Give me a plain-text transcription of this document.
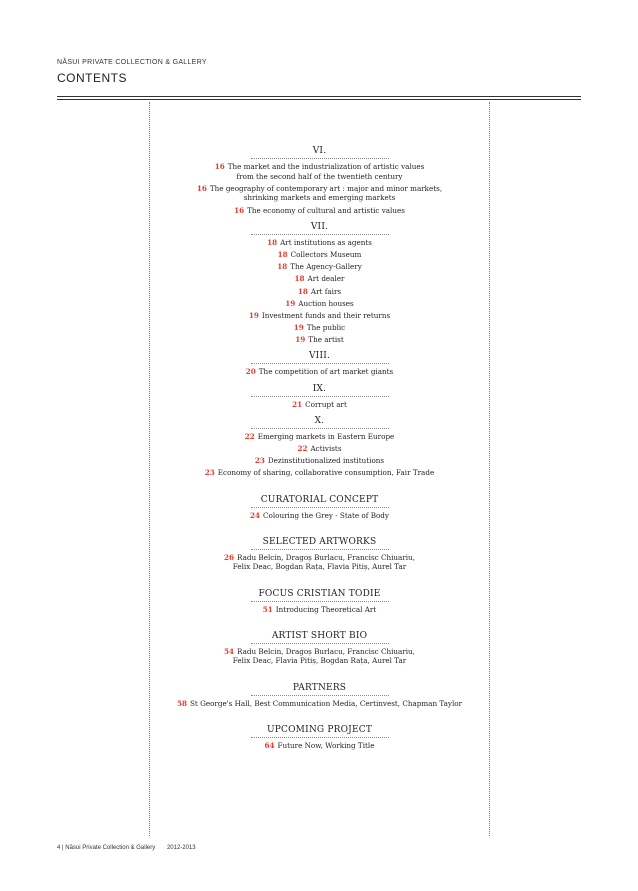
NĂSUI PRIVATE COLLECTION & GALLERY
CONTENTS
VI.
16 The market and the industrialization of artistic values
from the second half of the twentieth century
16 The geography of contemporary art : major and minor markets,
shrinking markets and emerging markets
16 The economy of cultural and artistic values
VII.
18 Art institutions as agents
18 Collectors Museum
18 The Agency-Gallery
18 Art dealer
18 Art fairs
19 Auction houses
19 Investment funds and their returns
19 The public
19 The artist
VIII.
20 The competition of art market giants
IX.
21 Corrupt art
X.
22 Emerging markets in Eastern Europe
22 Activists
23 Dezinstitutionalized institutions
23 Economy of sharing, collaborative consumption, Fair Trade
CURATORIAL CONCEPT
24 Colouring the Grey - State of Body
SELECTED ARTWORKS
26 Radu Belcin, Dragoș Burlacu, Francisc Chiuariu,
Felix Deac, Bogdan Rața, Flavia Pitiș, Aurel Tar
FOCUS CRISTIAN TODIE
51 Introducing Theoretical Art
ARTIST SHORT BIO
54 Radu Belcin, Dragoș Burlacu, Francisc Chiuariu,
Felix Deac, Flavia Pitiș, Bogdan Rața, Aurel Tar
PARTNERS
58 St George's Hall, Best Communication Media, Certinvest, Chapman Taylor
UPCOMING PROJECT
64 Future Now, Working Title
4 | Năsui Private Collection & Gallery 2012-2013
